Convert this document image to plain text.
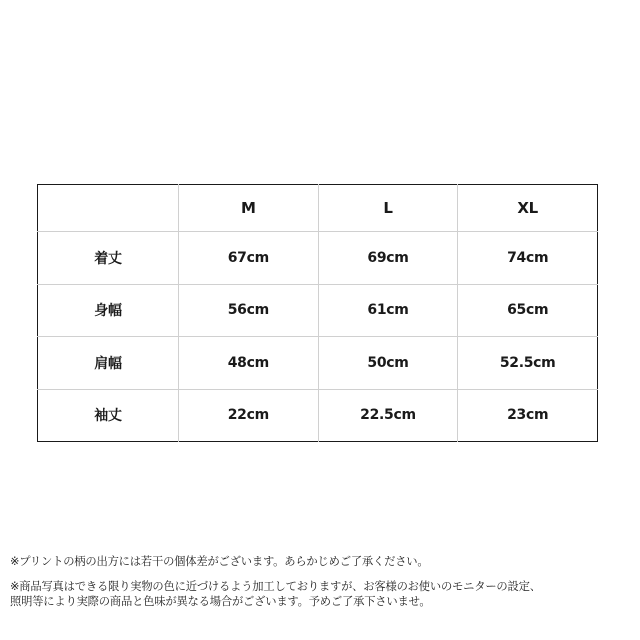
	M	L	XL
着丈	67cm	69cm	74cm
身幅	56cm	61cm	65cm
肩幅	48cm	50cm	52.5cm
袖丈	22cm	22.5cm	23cm

※プリントの柄の出方には若干の個体差がございます。あらかじめご了承ください。

※商品写真はできる限り実物の色に近づけるよう加工しておりますが、お客様のお使いのモニターの設定、
照明等により実際の商品と色味が異なる場合がございます。予めご了承下さいませ。
